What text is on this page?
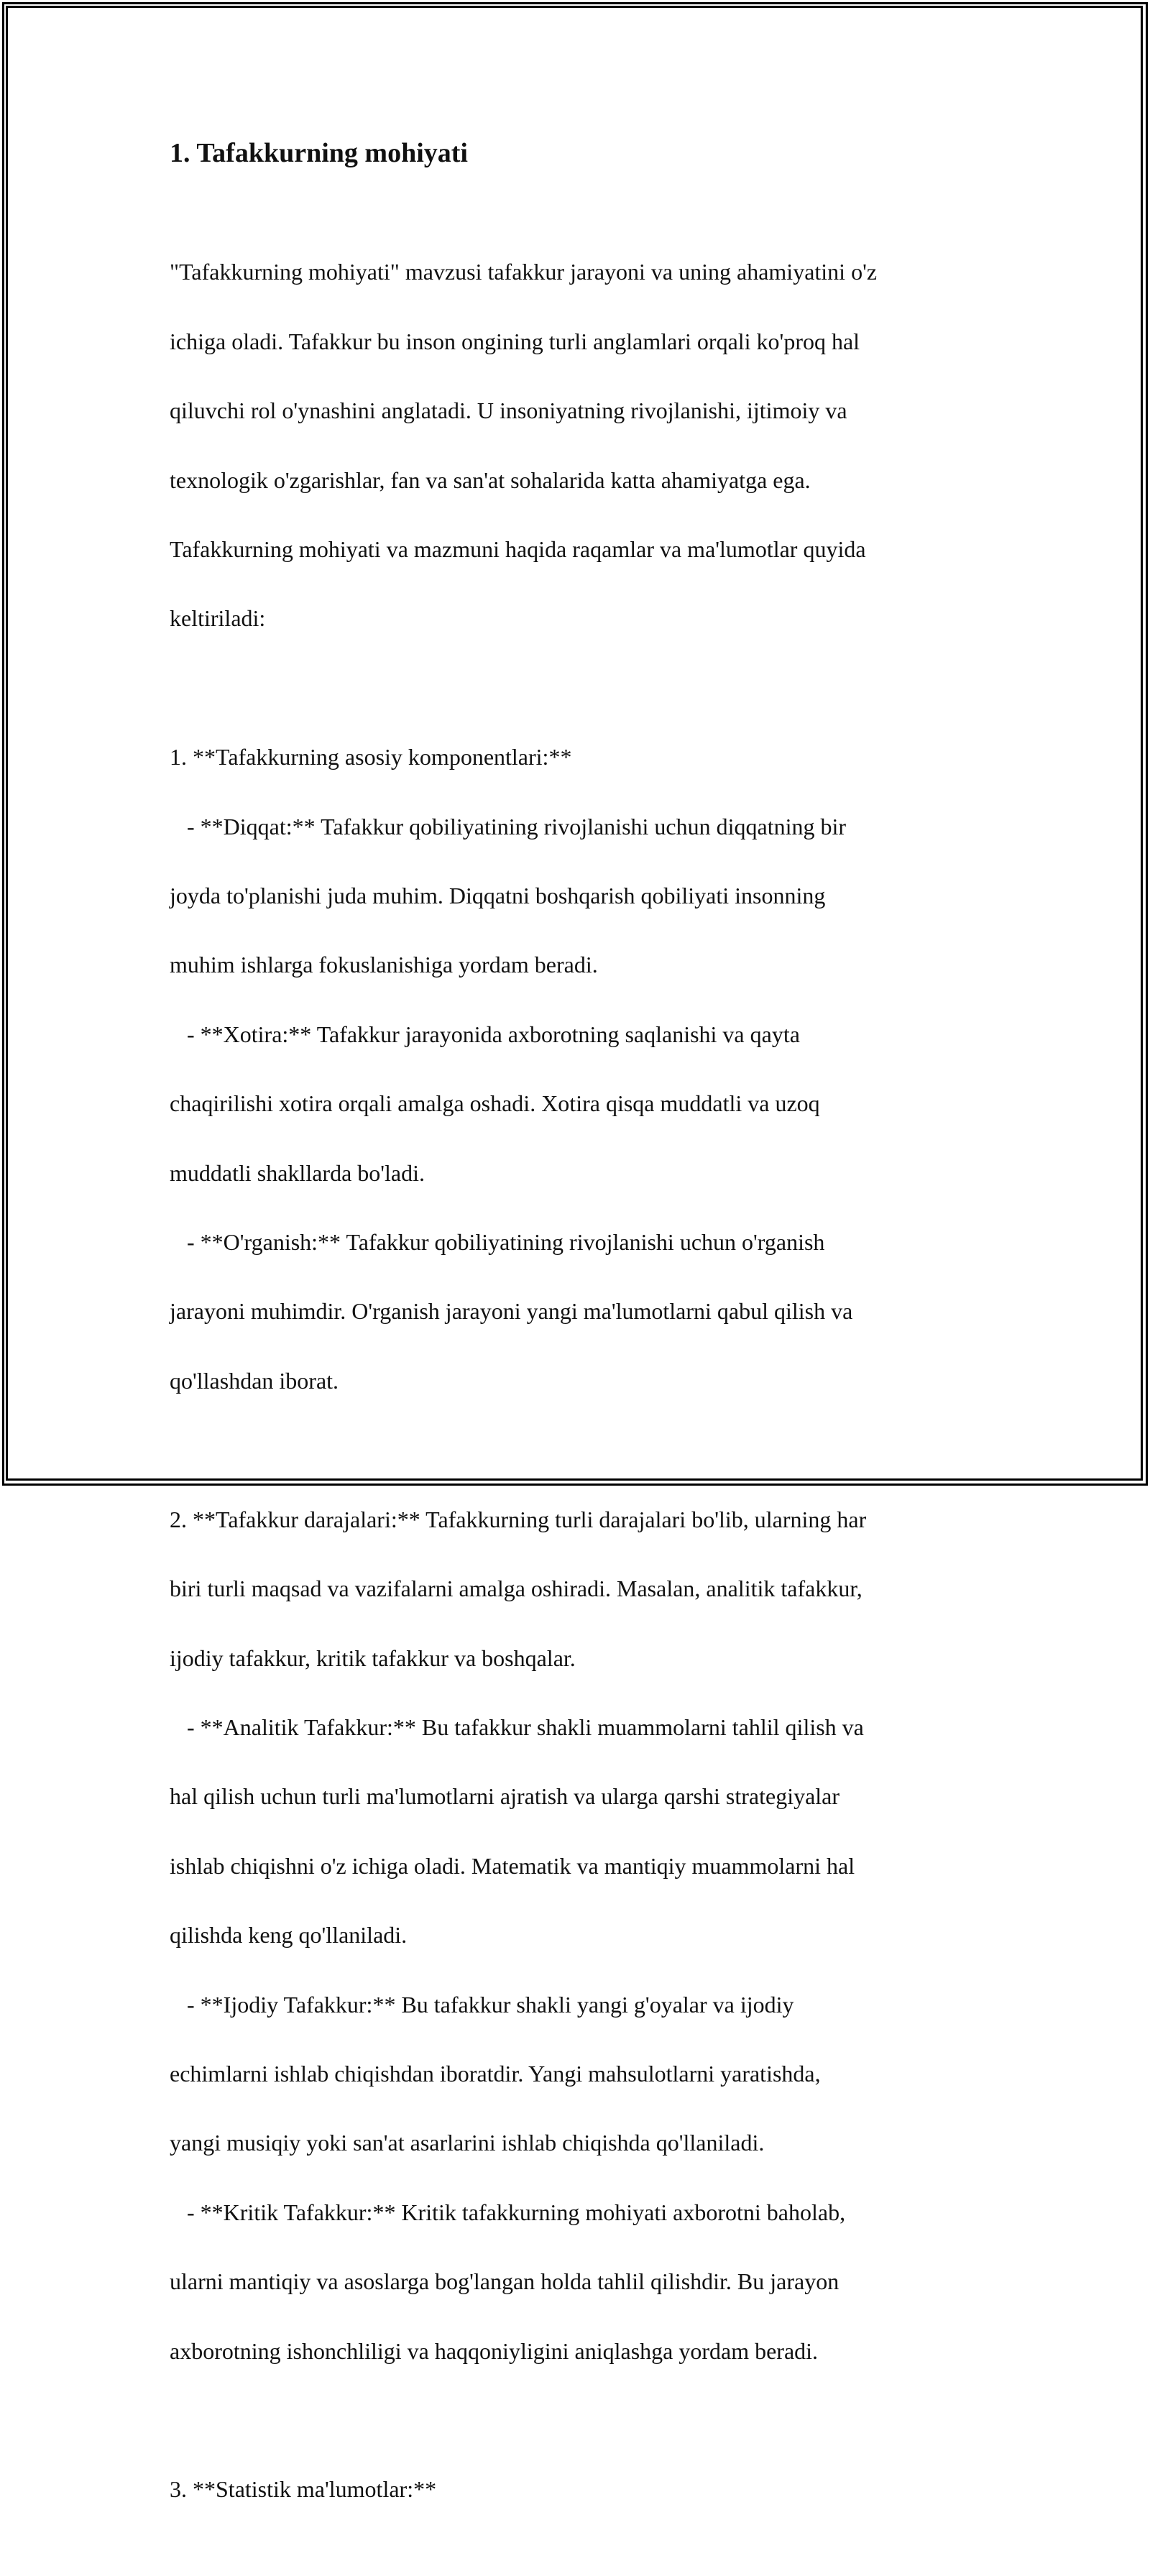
1. Tafakkurning mohiyati

"Tafakkurning mohiyati" mavzusi tafakkur jarayoni va uning ahamiyatini o'z

ichiga oladi. Tafakkur bu inson ongining turli anglamlari orqali ko'proq hal

qiluvchi rol o'ynashini anglatadi. U insoniyatning rivojlanishi, ijtimoiy va

texnologik o'zgarishlar, fan va san'at sohalarida katta ahamiyatga ega.

Tafakkurning mohiyati va mazmuni haqida raqamlar va ma'lumotlar quyida

keltiriladi:

1. **Tafakkurning asosiy komponentlari:**

- **Diqqat:** Tafakkur qobiliyatining rivojlanishi uchun diqqatning bir

joyda to'planishi juda muhim. Diqqatni boshqarish qobiliyati insonning

muhim ishlarga fokuslanishiga yordam beradi.

- **Xotira:** Tafakkur jarayonida axborotning saqlanishi va qayta

chaqirilishi xotira orqali amalga oshadi. Xotira qisqa muddatli va uzoq

muddatli shakllarda bo'ladi.

- **O'rganish:** Tafakkur qobiliyatining rivojlanishi uchun o'rganish

jarayoni muhimdir. O'rganish jarayoni yangi ma'lumotlarni qabul qilish va

qo'llashdan iborat.

2. **Tafakkur darajalari:** Tafakkurning turli darajalari bo'lib, ularning har

biri turli maqsad va vazifalarni amalga oshiradi. Masalan, analitik tafakkur,

ijodiy tafakkur, kritik tafakkur va boshqalar.

- **Analitik Tafakkur:** Bu tafakkur shakli muammolarni tahlil qilish va

hal qilish uchun turli ma'lumotlarni ajratish va ularga qarshi strategiyalar

ishlab chiqishni o'z ichiga oladi. Matematik va mantiqiy muammolarni hal

qilishda keng qo'llaniladi.

- **Ijodiy Tafakkur:** Bu tafakkur shakli yangi g'oyalar va ijodiy

echimlarni ishlab chiqishdan iboratdir. Yangi mahsulotlarni yaratishda,

yangi musiqiy yoki san'at asarlarini ishlab chiqishda qo'llaniladi.

- **Kritik Tafakkur:** Kritik tafakkurning mohiyati axborotni baholab,

ularni mantiqiy va asoslarga bog'langan holda tahlil qilishdir. Bu jarayon

axborotning ishonchliligi va haqqoniyligini aniqlashga yordam beradi.

3. **Statistik ma'lumotlar:**
